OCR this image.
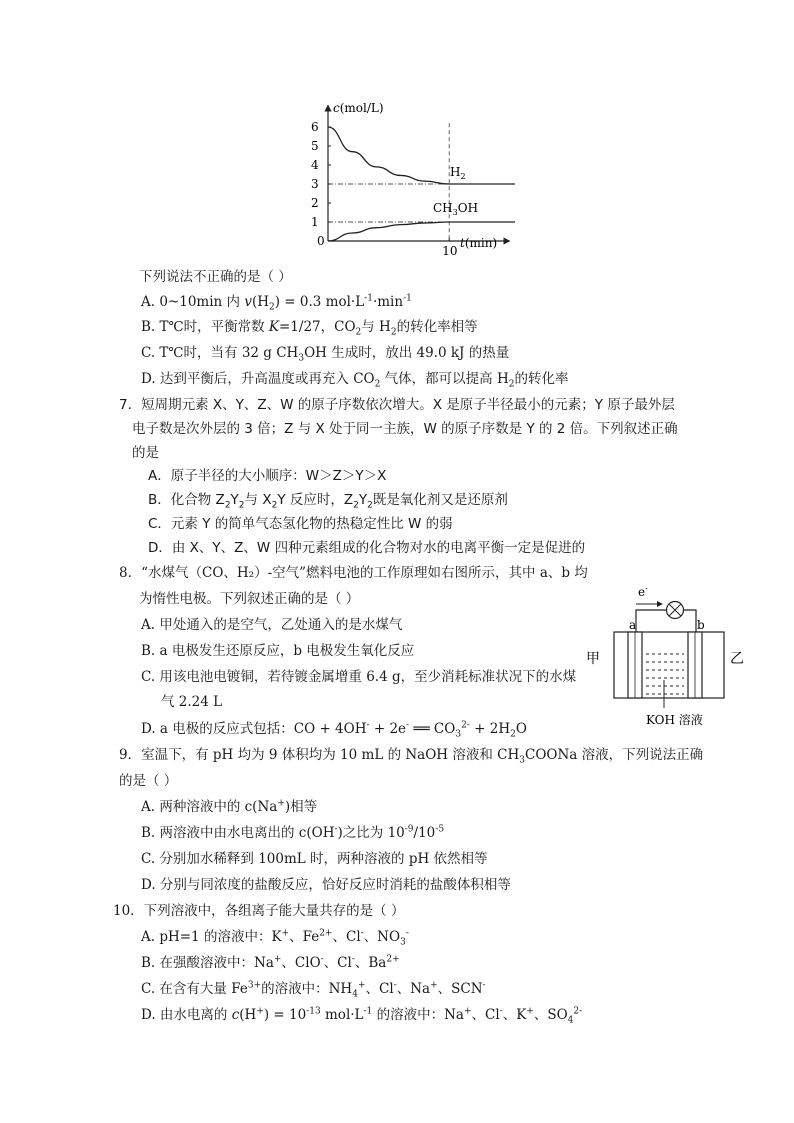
1
2
3
4
5
6
10
c(mol/L)
t(min)
0
$H_2$
$CH_3OH$
下列说法不正确的是（ ）
A. 0~10min 内 $v(H_2) = 0.3$ $mol\cdot L^{-1}\cdot\min^{-1}$
B. T℃时，平衡常数 K=1/27，$CO_2$与 $H_2$的转化率相等
C. T℃时，当有 32 g $CH_3OH$ 生成时，放出 49.0 kJ 的热量
D. 达到平衡后，升高温度或再充入 $CO_2$ 气体，都可以提高 $H_2$的转化率
7．短周期元素 X、Y、Z、W 的原子序数依次增大。X 是原子半径最小的元素；Y 原子最外层
电子数是次外层的 3 倍；Z 与 X 处于同一主族，W 的原子序数是 Y 的 2 倍。下列叙述正确
的是
A．原子半径的大小顺序：W＞Z＞Y＞X
B．化合物 $Z_2Y_2$与 $X_2Y$ 反应时，$Z_2Y_2$既是氧化剂又是还原剂
C．元素 Y 的简单气态氢化物的热稳定性比 W 的弱
D．由 X、Y、Z、W 四种元素组成的化合物对水的电离平衡一定是促进的
8．“水煤气（CO、H₂）-空气”燃料电池的工作原理如右图所示，其中 a、b 均
为惰性电极。下列叙述正确的是（ ）
A. 甲处通入的是空气，乙处通入的是水煤气
B. a 电极发生还原反应，b 电极发生氧化反应
C. 用该电池电镀铜，若待镀金属增重 6.4 g，至少消耗标准状况下的水煤
气 2.24 L
D. a 电极的反应式包括：CO + 4OH- + 2e- ══ $CO_3^{2-} + 2H_2O$
e-
a	b
甲	乙
KOH 溶液
9．室温下，有 pH 均为 9 体积均为 10 mL 的 NaOH 溶液和 $CH_3COONa$ 溶液，下列说法正确
的是（ ）
A. 两种溶液中的 c(Na+)相等
B. 两溶液中由水电离出的 c(OH-)之比为 $10^{-9}/10^{-5}$
C. 分别加水稀释到 100mL 时，两种溶液的 pH 依然相等
D. 分别与同浓度的盐酸反应，恰好反应时消耗的盐酸体积相等
10．下列溶液中，各组离子能大量共存的是（ ）
A. pH=1 的溶液中：K+、$Fe^{2+}$、Cl-、$NO_3^-$
B. 在强酸溶液中：Na+、ClO-、Cl-、$Ba^{2+}$
C. 在含有大量 $Fe^{3+}$的溶液中：$NH_4^+$、Cl-、Na+、SCN-
D. 由水电离的 $c(H^+) = 10^{-13}$ $mol\cdot L^{-1}$ 的溶液中：Na+、Cl-、K+、$SO_4^{2-}$
